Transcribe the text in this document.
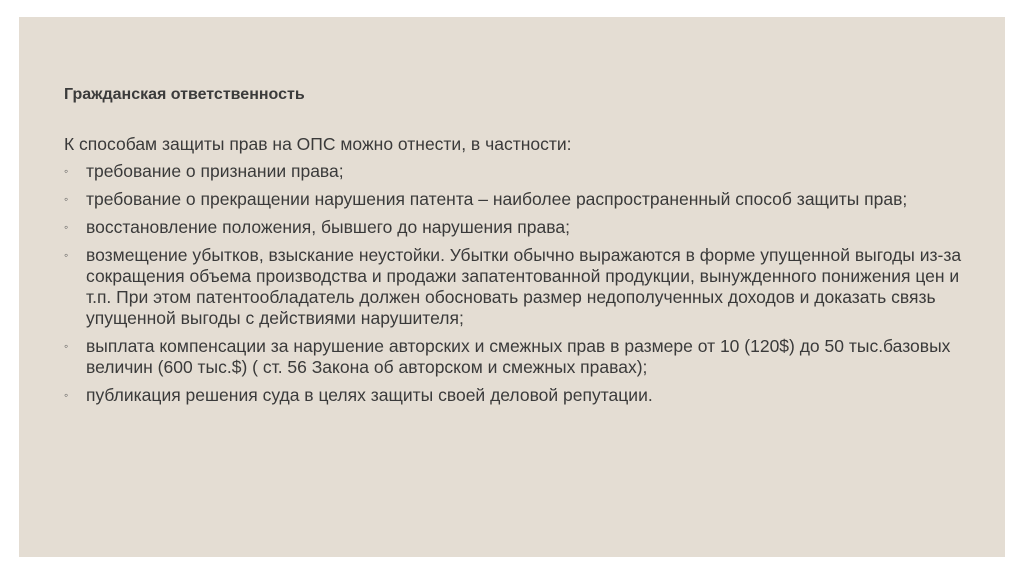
Гражданская ответственность

К способам защиты прав на ОПС можно отнести, в частности:

◦ требование о признании права;
◦ требование о прекращении нарушения патента – наиболее распространенный способ защиты прав;
◦ восстановление положения, бывшего до нарушения права;
◦ возмещение убытков, взыскание неустойки. Убытки обычно выражаются в форме упущенной выгоды из-за сокращения объема производства и продажи запатентованной продукции, вынужденного понижения цен и т.п. При этом патентообладатель должен обосновать размер недополученных доходов и доказать связь упущенной выгоды с действиями нарушителя;
◦ выплата компенсации за нарушение авторских и смежных прав в размере от 10 (120$) до 50 тыс.базовых величин (600 тыс.$) ( ст. 56 Закона об авторском и смежных правах);
◦ публикация решения суда в целях защиты своей деловой репутации.
